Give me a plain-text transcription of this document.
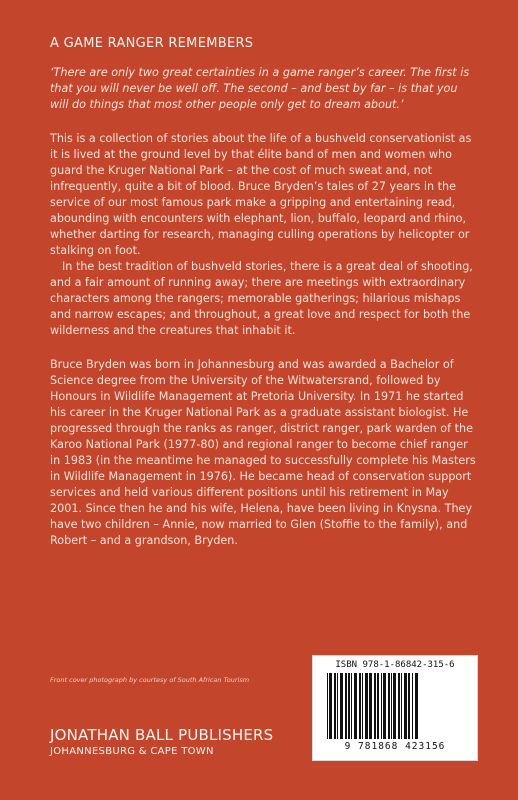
A GAME RANGER REMEMBERS

‘There are only two great certainties in a game ranger’s career. The first is that you will never be well off. The second – and best by far – is that you will do things that most other people only get to dream about.’

This is a collection of stories about the life of a bushveld conservationist as it is lived at the ground level by that élite band of men and women who guard the Kruger National Park – at the cost of much sweat and, not infrequently, quite a bit of blood. Bruce Bryden’s tales of 27 years in the service of our most famous park make a gripping and entertaining read, abounding with encounters with elephant, lion, buffalo, leopard and rhino, whether darting for research, managing culling operations by helicopter or stalking on foot.

In the best tradition of bushveld stories, there is a great deal of shooting, and a fair amount of running away; there are meetings with extraordinary characters among the rangers; memorable gatherings; hilarious mishaps and narrow escapes; and throughout, a great love and respect for both the wilderness and the creatures that inhabit it.

Bruce Bryden was born in Johannesburg and was awarded a Bachelor of Science degree from the University of the Witwatersrand, followed by Honours in Wildlife Management at Pretoria University. In 1971 he started his career in the Kruger National Park as a graduate assistant biologist. He progressed through the ranks as ranger, district ranger, park warden of the Karoo National Park (1977-80) and regional ranger to become chief ranger in 1983 (in the meantime he managed to successfully complete his Masters in Wildlife Management in 1976). He became head of conservation support services and held various different positions until his retirement in May 2001. Since then he and his wife, Helena, have been living in Knysna. They have two children – Annie, now married to Glen (Stoffie to the family), and Robert – and a grandson, Bryden.

Front cover photograph by courtesy of South African Tourism
JONATHAN BALL PUBLISHERS
JOHANNESBURG & CAPE TOWN
ISBN 978-1-86842-315-6
9 781868 423156
